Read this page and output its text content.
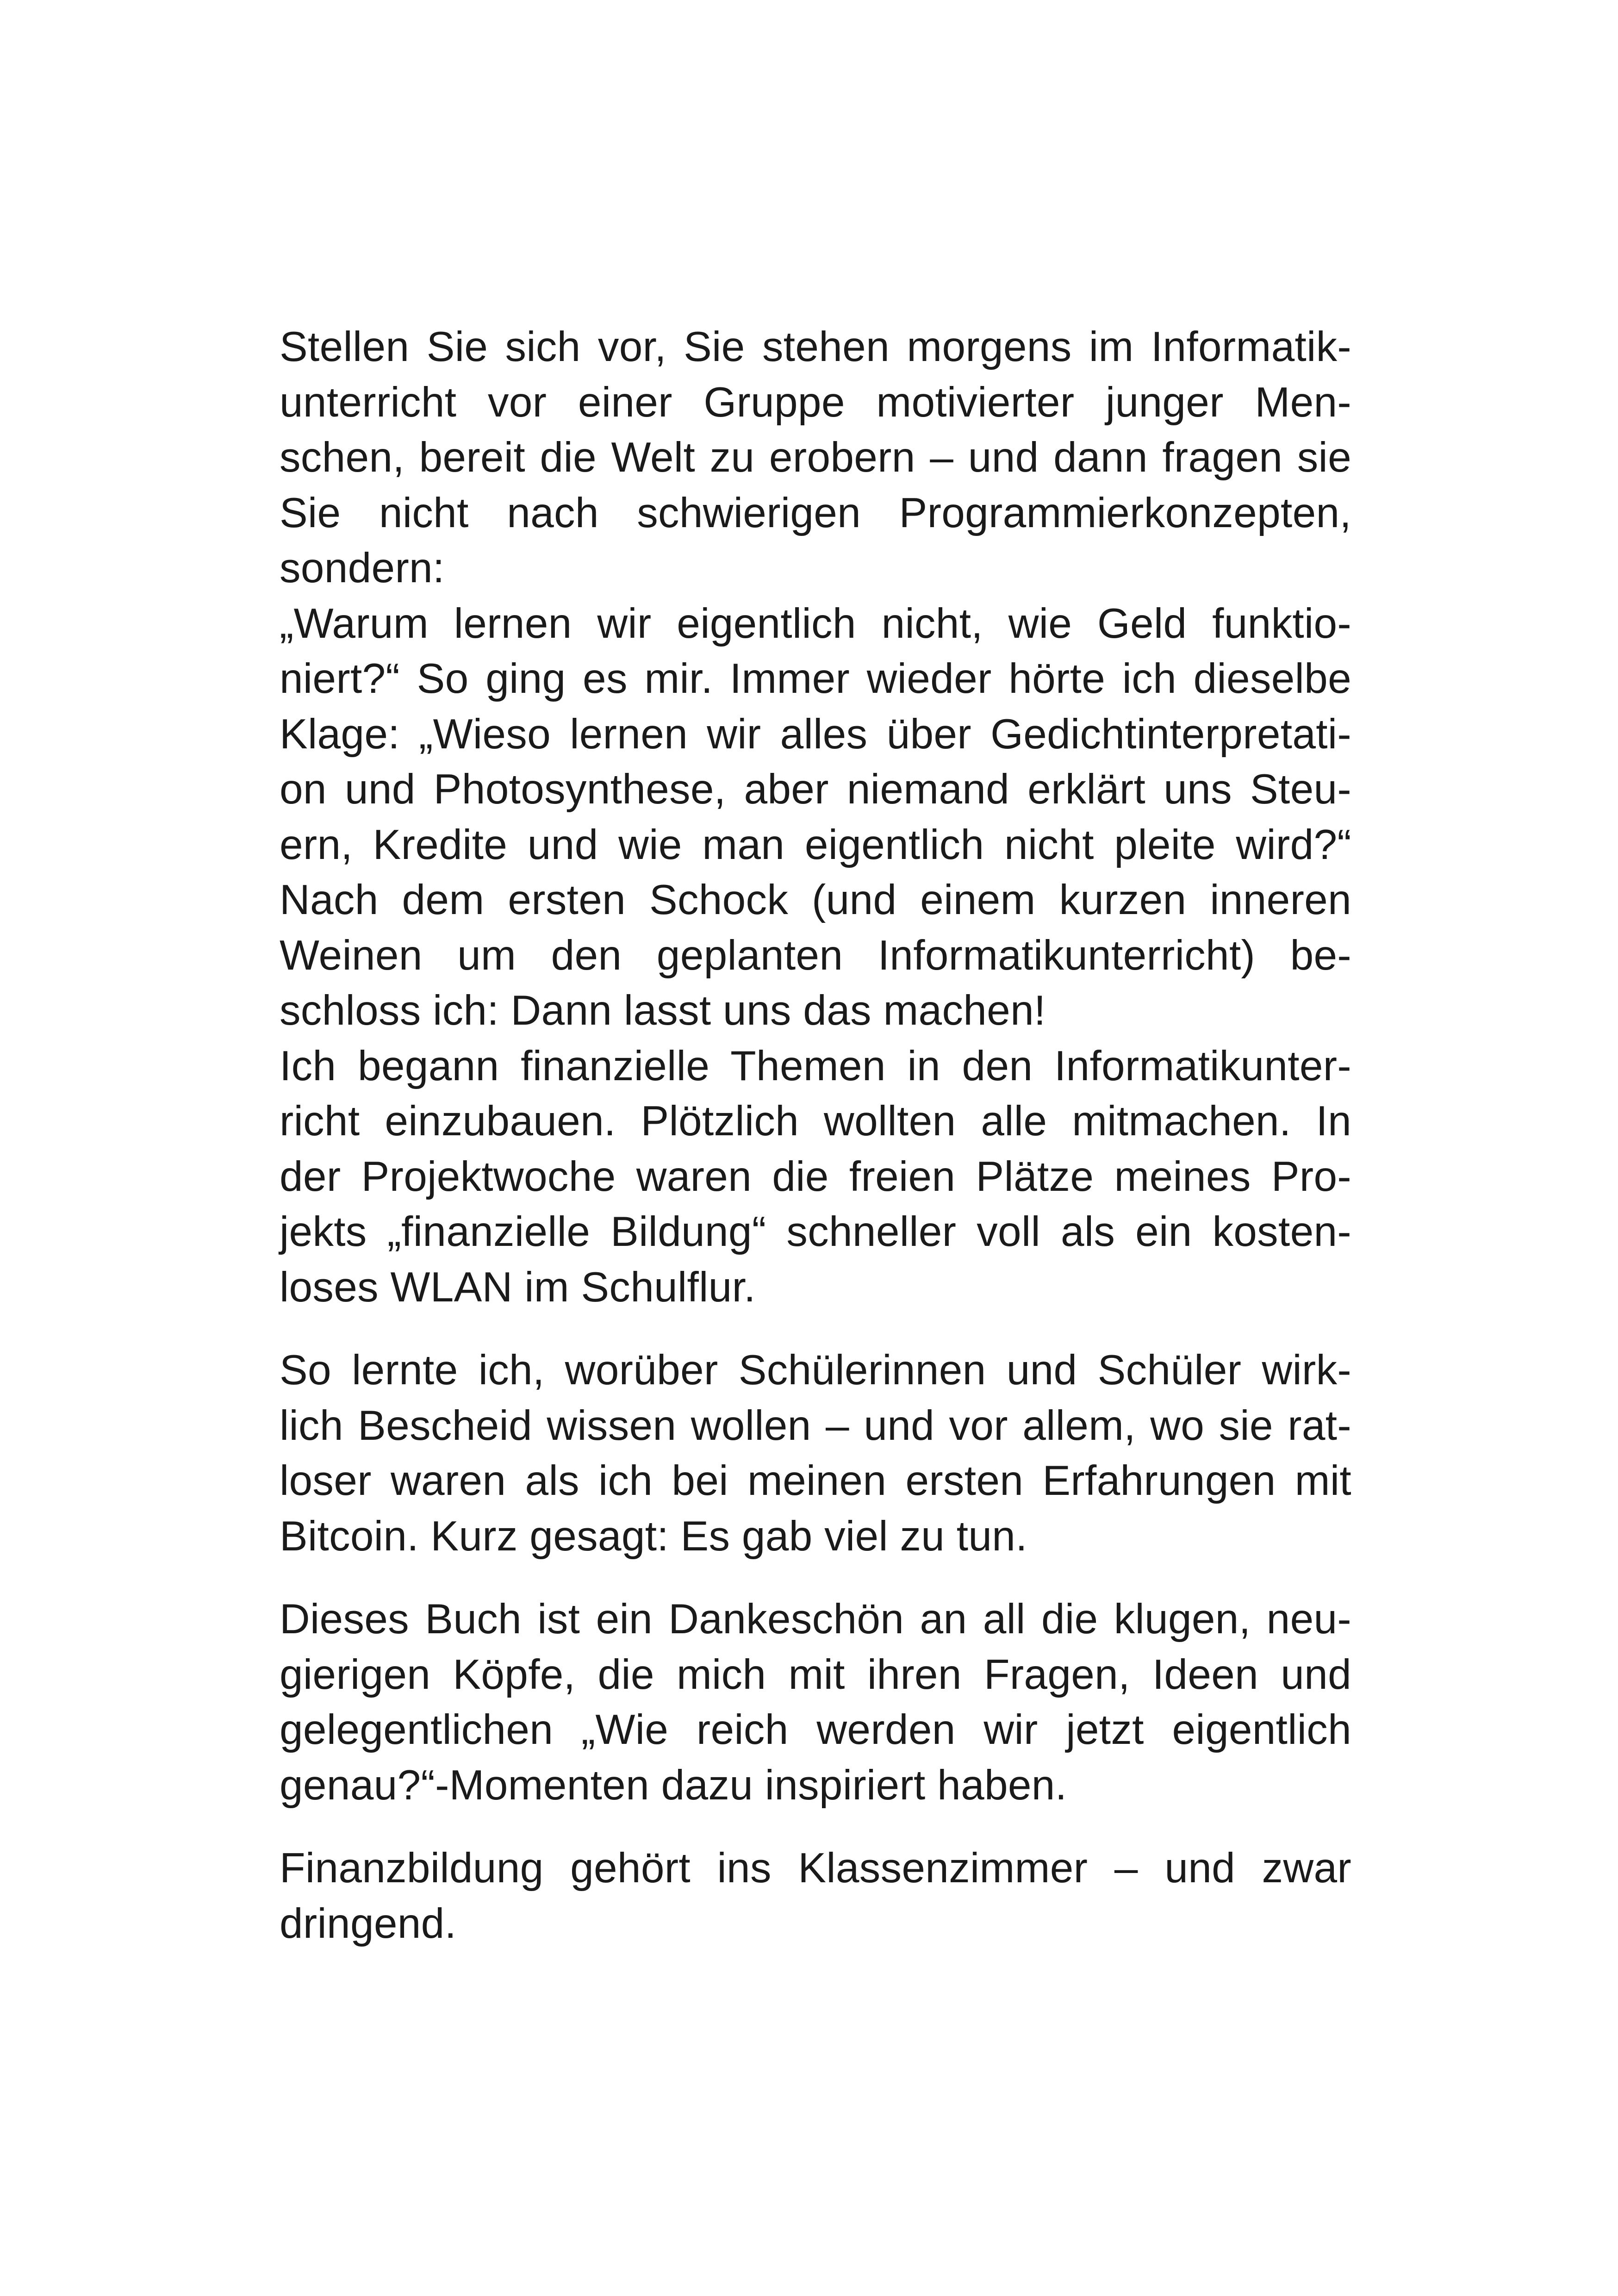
Stellen Sie sich vor, Sie stehen morgens im Informatik-
unterricht vor einer Gruppe motivierter junger Men-
schen, bereit die Welt zu erobern – und dann fragen sie
Sie nicht nach schwierigen Programmierkonzepten,
sondern:
„Warum lernen wir eigentlich nicht, wie Geld funktio-
niert?“ So ging es mir. Immer wieder hörte ich dieselbe
Klage: „Wieso lernen wir alles über Gedichtinterpretati-
on und Photosynthese, aber niemand erklärt uns Steu-
ern, Kredite und wie man eigentlich nicht pleite wird?“
Nach dem ersten Schock (und einem kurzen inneren
Weinen um den geplanten Informatikunterricht) be-
schloss ich: Dann lasst uns das machen!
Ich begann finanzielle Themen in den Informatikunter-
richt einzubauen. Plötzlich wollten alle mitmachen. In
der Projektwoche waren die freien Plätze meines Pro-
jekts „finanzielle Bildung“ schneller voll als ein kosten-
loses WLAN im Schulflur.
So lernte ich, worüber Schülerinnen und Schüler wirk-
lich Bescheid wissen wollen – und vor allem, wo sie rat-
loser waren als ich bei meinen ersten Erfahrungen mit
Bitcoin. Kurz gesagt: Es gab viel zu tun.
Dieses Buch ist ein Dankeschön an all die klugen, neu-
gierigen Köpfe, die mich mit ihren Fragen, Ideen und
gelegentlichen „Wie reich werden wir jetzt eigentlich
genau?“-Momenten dazu inspiriert haben.
Finanzbildung gehört ins Klassenzimmer – und zwar
dringend.
